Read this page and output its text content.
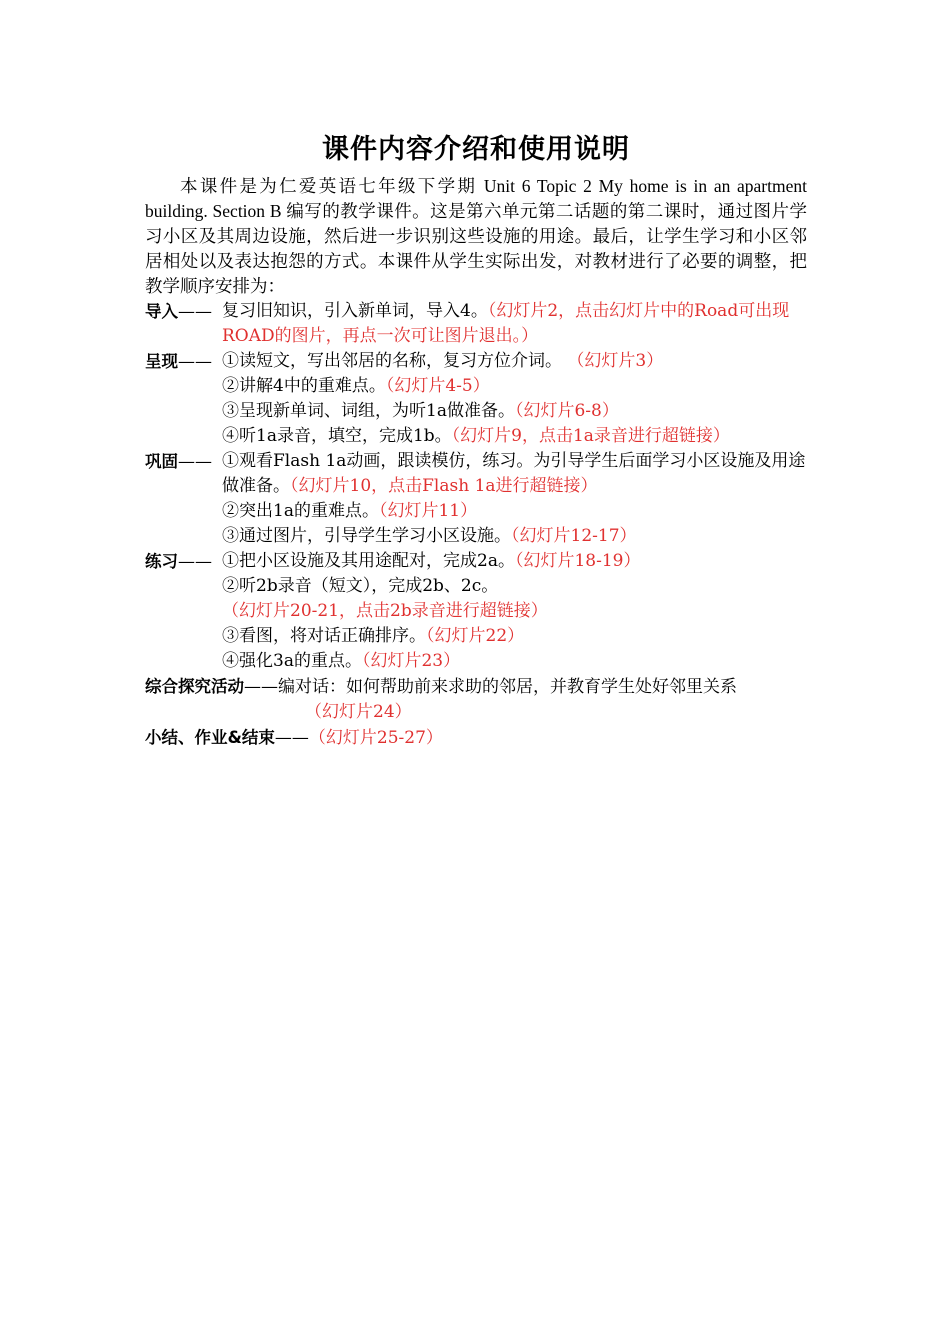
课件内容介绍和使用说明

本课件是为仁爱英语七年级下学期 Unit 6 Topic 2 My home is in an apartment building. Section B 编写的教学课件。这是第六单元第二话题的第二课时，通过图片学习小区及其周边设施，然后进一步识别这些设施的用途。最后，让学生学习和小区邻居相处以及表达抱怨的方式。本课件从学生实际出发，对教材进行了必要的调整，把教学顺序安排为：

导入—— 复习旧知识，引入新单词，导入4。（幻灯片2，点击幻灯片中的Road可出现ROAD的图片，再点一次可让图片退出。）
呈现—— ①读短文，写出邻居的名称，复习方位介词。 （幻灯片3）
②讲解4中的重难点。（幻灯片4-5）
③呈现新单词、词组，为听1a做准备。（幻灯片6-8）
④听1a录音，填空，完成1b。（幻灯片9，点击1a录音进行超链接）
巩固—— ①观看Flash 1a动画，跟读模仿，练习。为引导学生后面学习小区设施及用途做准备。（幻灯片10，点击Flash 1a进行超链接）
②突出1a的重难点。（幻灯片11）
③通过图片，引导学生学习小区设施。（幻灯片12-17）
练习—— ①把小区设施及其用途配对，完成2a。（幻灯片18-19）
②听2b录音（短文），完成2b、2c。（幻灯片20-21，点击2b录音进行超链接）
③看图，将对话正确排序。（幻灯片22）
④强化3a的重点。（幻灯片23）
综合探究活动——编对话：如何帮助前来求助的邻居，并教育学生处好邻里关系
（幻灯片24）
小结、作业&结束——（幻灯片25-27）
